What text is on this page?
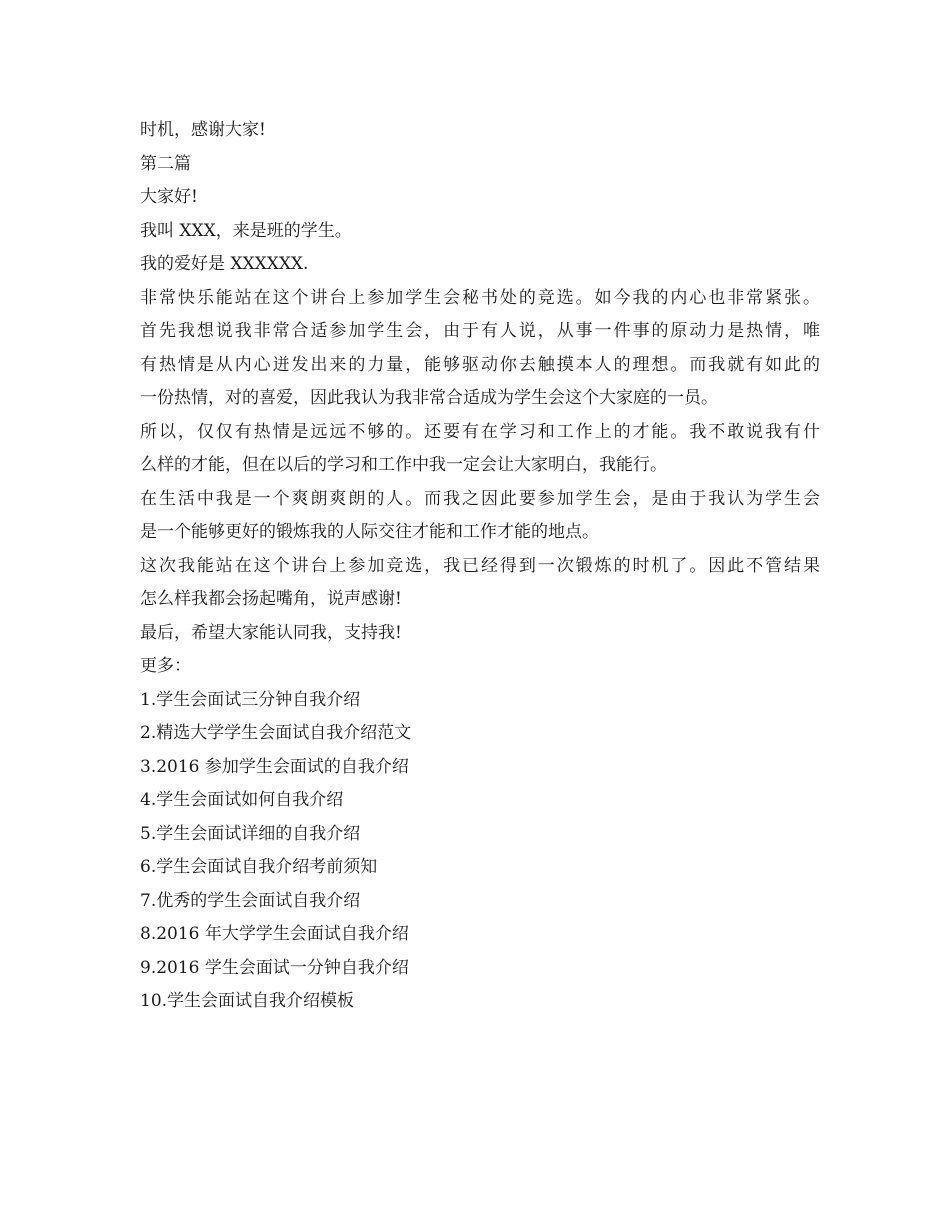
时机，感谢大家!
第二篇
大家好!
我叫 XXX，来是班的学生。
我的爱好是 XXXXXX.
非常快乐能站在这个讲台上参加学生会秘书处的竞选。如今我的内心也非常紧张。
首先我想说我非常合适参加学生会，由于有人说，从事一件事的原动力是热情，唯
有热情是从内心迸发出来的力量，能够驱动你去触摸本人的理想。而我就有如此的
一份热情，对的喜爱，因此我认为我非常合适成为学生会这个大家庭的一员。
所以，仅仅有热情是远远不够的。还要有在学习和工作上的才能。我不敢说我有什
么样的才能，但在以后的学习和工作中我一定会让大家明白，我能行。
在生活中我是一个爽朗爽朗的人。而我之因此要参加学生会，是由于我认为学生会
是一个能够更好的锻炼我的人际交往才能和工作才能的地点。
这次我能站在这个讲台上参加竞选，我已经得到一次锻炼的时机了。因此不管结果
怎么样我都会扬起嘴角，说声感谢!
最后，希望大家能认同我，支持我!
更多：
1.学生会面试三分钟自我介绍
2.精选大学学生会面试自我介绍范文
3.2016 参加学生会面试的自我介绍
4.学生会面试如何自我介绍
5.学生会面试详细的自我介绍
6.学生会面试自我介绍考前须知
7.优秀的学生会面试自我介绍
8.2016 年大学学生会面试自我介绍
9.2016 学生会面试一分钟自我介绍
10.学生会面试自我介绍模板
